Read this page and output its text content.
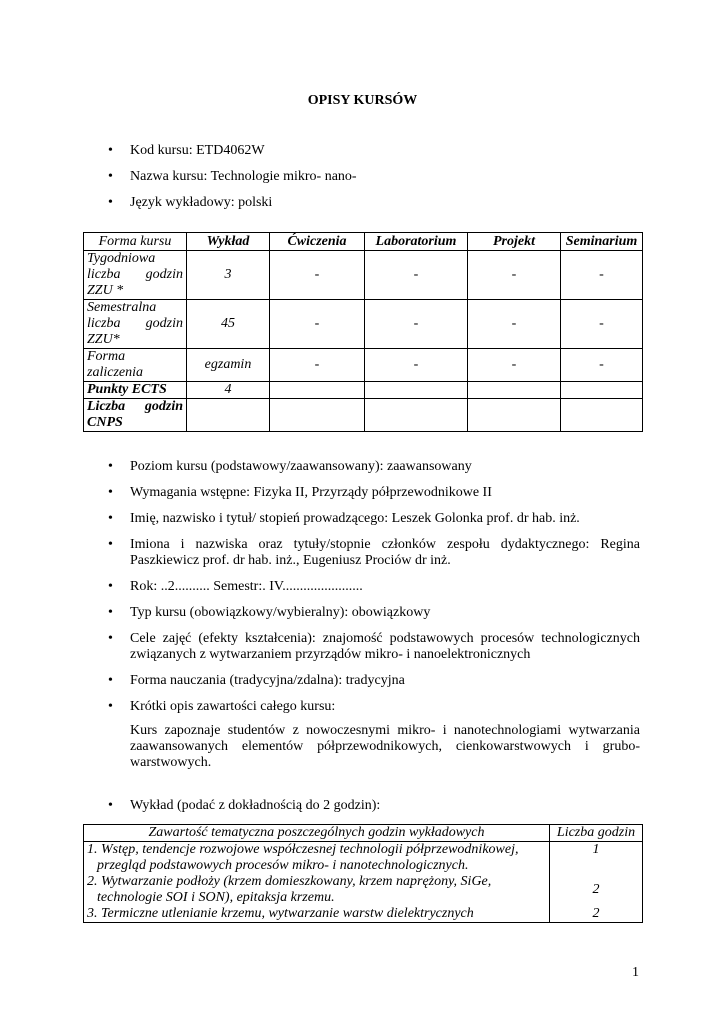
OPISY KURSÓW
• Kod kursu: ETD4062W
• Nazwa kursu: Technologie mikro- nano-
• Język wykładowy: polski
Forma kursu	Wykład	Ćwiczenia	Laboratorium	Projekt	Seminarium
Tygodniowa liczba godzin ZZU *	3	-	-	-	-
Semestralna liczba godzin ZZU*	45	-	-	-	-
Forma zaliczenia	egzamin	-	-	-	-
Punkty ECTS	4				
Liczba godzin CNPS					
• Poziom kursu (podstawowy/zaawansowany): zaawansowany
• Wymagania wstępne: Fizyka II, Przyrządy półprzewodnikowe II
• Imię, nazwisko i tytuł/ stopień prowadzącego: Leszek Golonka prof. dr hab. inż.
• Imiona i nazwiska oraz tytuły/stopnie członków zespołu dydaktycznego: Regina Paszkiewicz prof. dr hab. inż., Eugeniusz Prociów dr inż.
• Rok: ..2.......... Semestr:. IV.......................
• Typ kursu (obowiązkowy/wybieralny): obowiązkowy
• Cele zajęć (efekty kształcenia): znajomość podstawowych procesów technologicznych związanych z wytwarzaniem przyrządów mikro- i nanoelektronicznych
• Forma nauczania (tradycyjna/zdalna): tradycyjna
• Krótki opis zawartości całego kursu:
Kurs zapoznaje studentów z nowoczesnymi mikro- i nanotechnologiami wytwarzania zaawansowanych elementów półprzewodnikowych, cienkowarstwowych i grubo-warstwowych.
• Wykład (podać z dokładnością do 2 godzin):
Zawartość tematyczna poszczególnych godzin wykładowych	Liczba godzin

1. Wstęp, tendencje rozwojowe współczesnej technologii półprzewodnikowej, przegląd podstawowych procesów mikro- i nanotechnologicznych.	1

2. Wytwarzanie podłoży (krzem domieszkowany, krzem naprężony, SiGe, technologie SOI i SON), epitaksja krzemu.	2

3. Termiczne utlenianie krzemu, wytwarzanie warstw dielektrycznych	2
1
